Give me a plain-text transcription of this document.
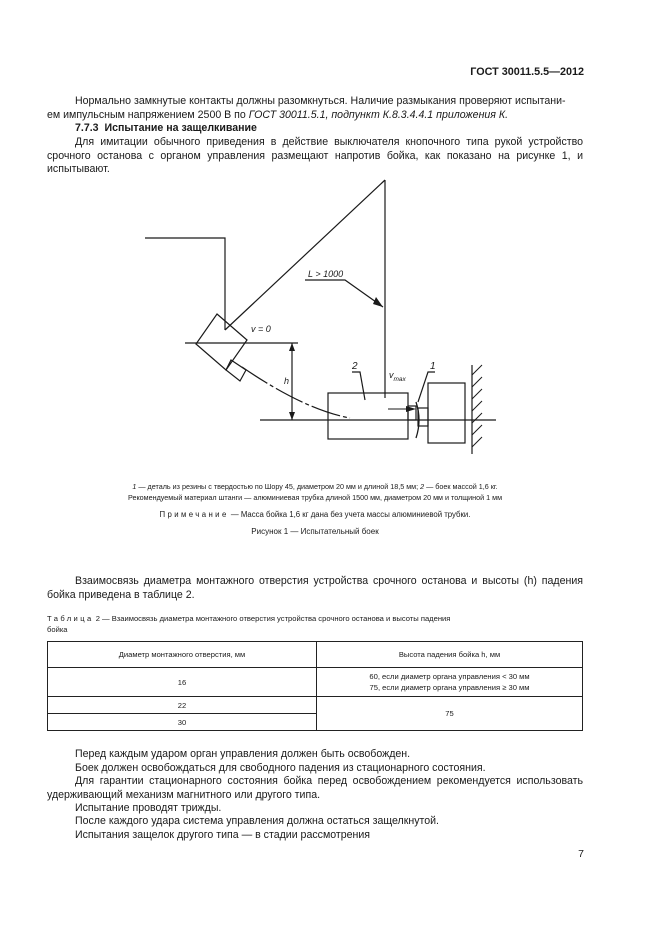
ГОСТ 30011.5.5—2012
Нормально замкнутые контакты должны разомкнуться. Наличие размыкания проверяют испытани-
ем импульсным напряжением 2500 В по ГОСТ 30011.5.1, подпункт К.8.3.4.4.1 приложения К.
7.7.3 Испытание на защелкивание
Для имитации обычного приведения в действие выключателя кнопочного типа рукой устройство срочного останова с органом управления размещают напротив бойка, как показано на рисунке 1, и испытывают.
L > 1000
v = 0
h
$v_{max}$
2	1
1 — деталь из резины с твердостью по Шору 45, диаметром 20 мм и длиной 18,5 мм; 2 — боек массой 1,6 кг.
Рекомендуемый материал штанги — алюминиевая трубка длиной 1500 мм, диаметром 20 мм и толщиной 1 мм
Примечание — Масса бойка 1,6 кг дана без учета массы алюминиевой трубки.
Рисунок 1 — Испытательный боек
Взаимосвязь диаметра монтажного отверстия устройства срочного останова и высоты (h) падения бойка приведена в таблице 2.
Таблица 2 — Взаимосвязь диаметра монтажного отверстия устройства срочного останова и высоты падения
бойка
Диаметр монтажного отверстия, мм	Высота падения бойка h, мм
16	60, если диаметр органа управления < 30 мм
75, если диаметр органа управления ≥ 30 мм

22	75
30	
Перед каждым ударом орган управления должен быть освобожден.
Боек должен освобождаться для свободного падения из стационарного состояния.
Для гарантии стационарного состояния бойка перед освобождением рекомендуется использовать удерживающий механизм магнитного или другого типа.
Испытание проводят трижды.
После каждого удара система управления должна остаться защелкнутой.
Испытания защелок другого типа — в стадии рассмотрения
7
